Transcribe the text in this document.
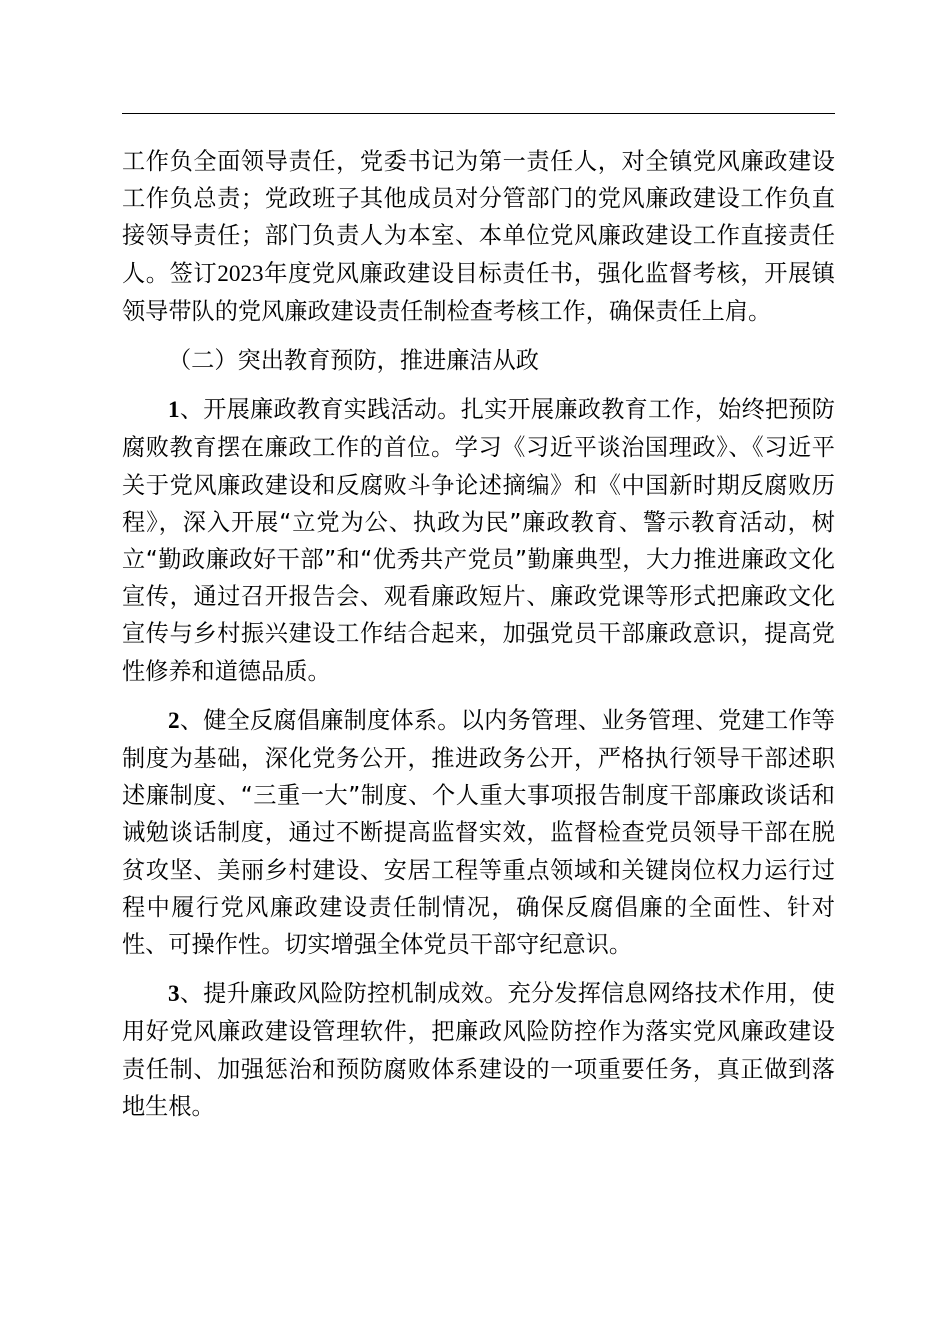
工作负全面领导责任，党委书记为第一责任人，对全镇党风廉政建设工作负总责；党政班子其他成员对分管部门的党风廉政建设工作负直接领导责任；部门负责人为本室、本单位党风廉政建设工作直接责任人。签订2023年度党风廉政建设目标责任书，强化监督考核，开展镇领导带队的党风廉政建设责任制检查考核工作，确保责任上肩。

（二）突出教育预防，推进廉洁从政

1、开展廉政教育实践活动。扎实开展廉政教育工作，始终把预防腐败教育摆在廉政工作的首位。学习《习近平谈治国理政》、《习近平关于党风廉政建设和反腐败斗争论述摘编》和《中国新时期反腐败历程》，深入开展“立党为公、执政为民”廉政教育、警示教育活动，树立“勤政廉政好干部”和“优秀共产党员”勤廉典型，大力推进廉政文化宣传，通过召开报告会、观看廉政短片、廉政党课等形式把廉政文化宣传与乡村振兴建设工作结合起来，加强党员干部廉政意识，提高党性修养和道德品质。

2、健全反腐倡廉制度体系。以内务管理、业务管理、党建工作等制度为基础，深化党务公开，推进政务公开，严格执行领导干部述职述廉制度、“三重一大”制度、个人重大事项报告制度干部廉政谈话和诫勉谈话制度，通过不断提高监督实效，监督检查党员领导干部在脱贫攻坚、美丽乡村建设、安居工程等重点领域和关键岗位权力运行过程中履行党风廉政建设责任制情况，确保反腐倡廉的全面性、针对性、可操作性。切实增强全体党员干部守纪意识。

3、提升廉政风险防控机制成效。充分发挥信息网络技术作用，使用好党风廉政建设管理软件，把廉政风险防控作为落实党风廉政建设责任制、加强惩治和预防腐败体系建设的一项重要任务，真正做到落地生根。
